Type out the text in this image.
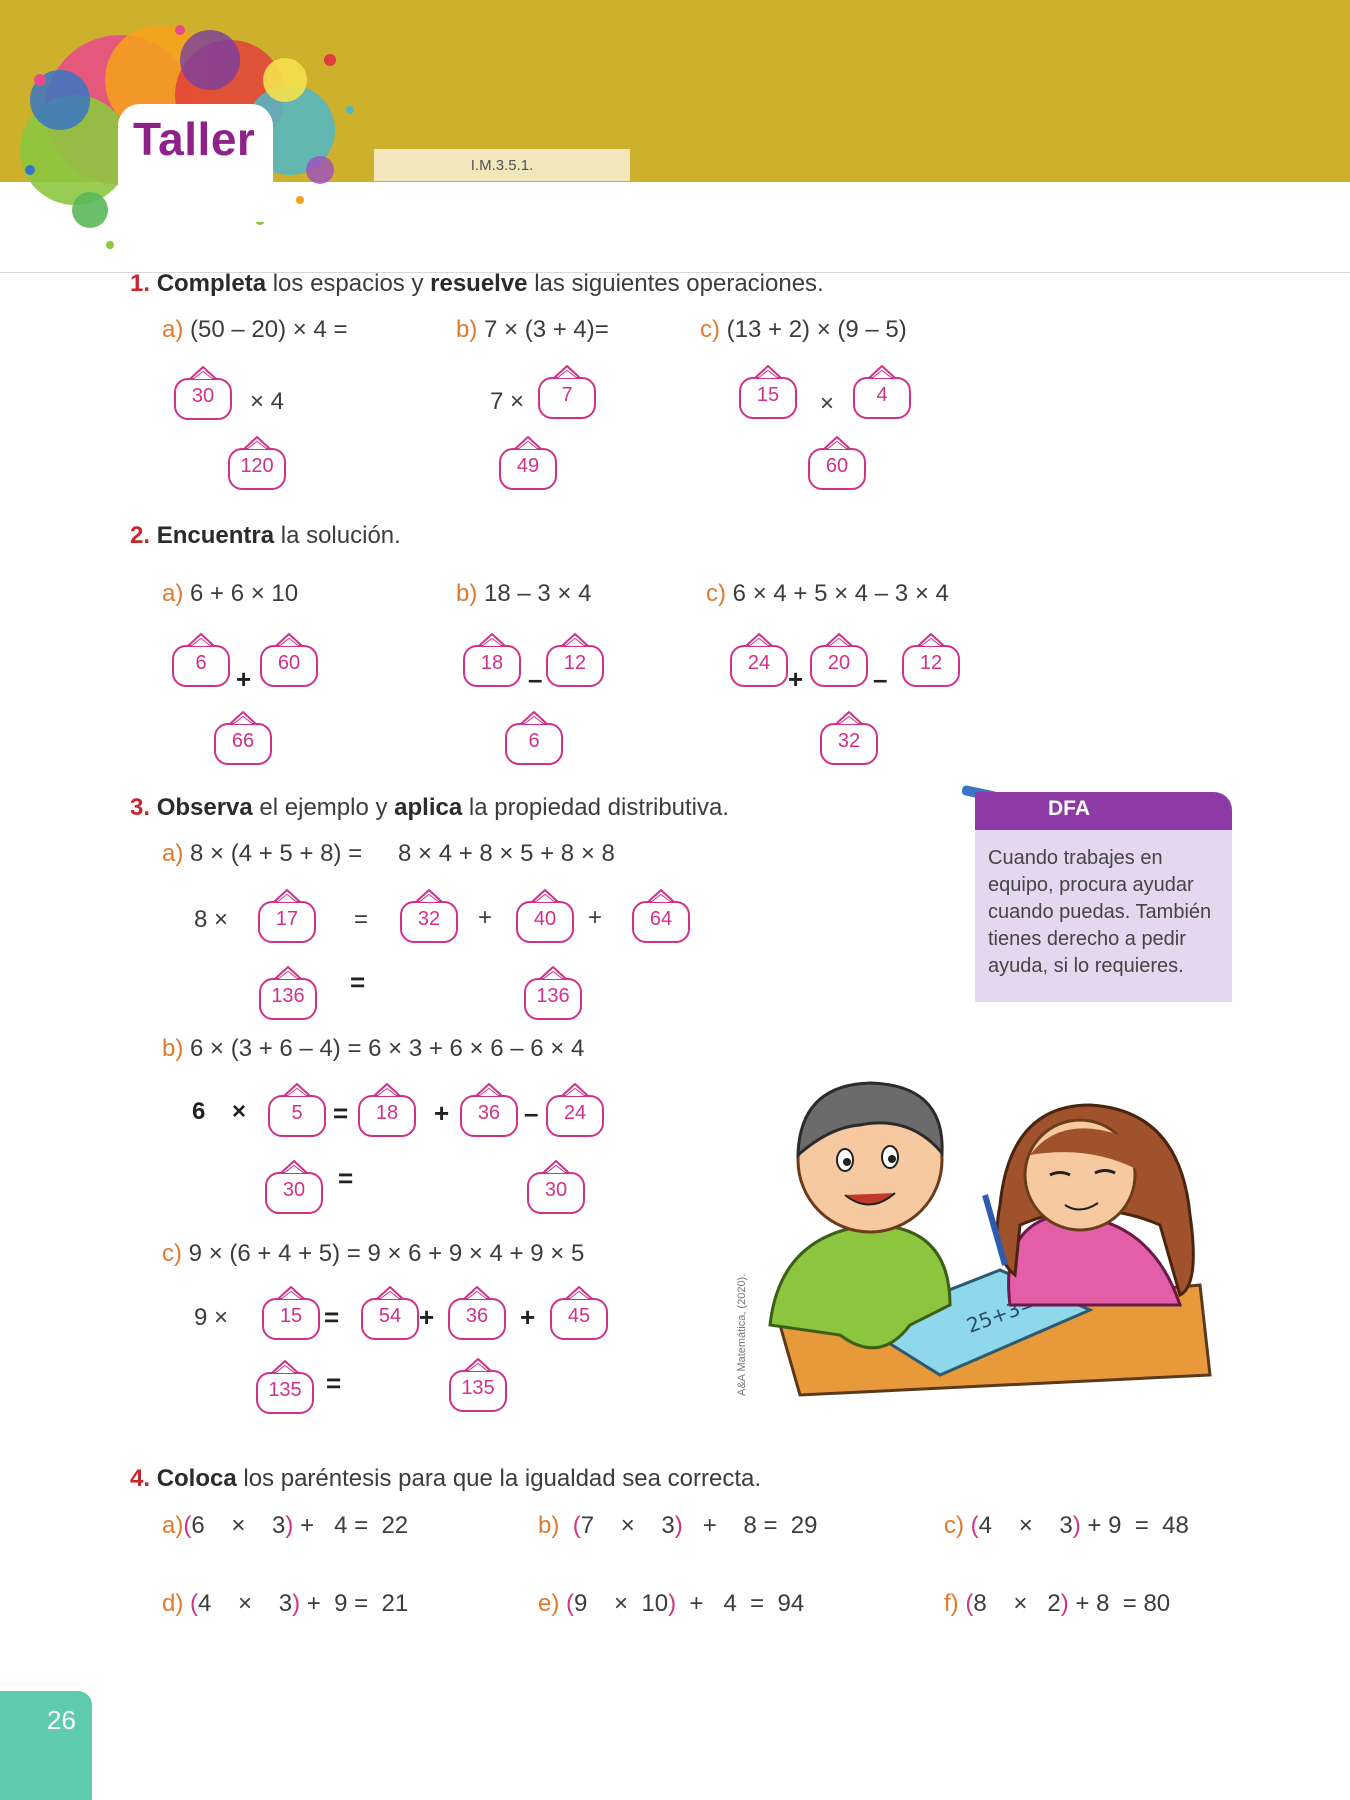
Taller	I.M.3.5.1.
1. Completa los espacios y resuelve las siguientes operaciones.
a) (50 – 20) × 4 =	b) 7 × (3 + 4)=	c) (13 + 2) × (9 – 5)
30	× 4
120
7 ×	7
49
15	×	4
60
2. Encuentra la solución.
a) 6 + 6 × 10	b) 18 – 3 × 4	c) 6 × 4 + 5 × 4 – 3 × 4
6
+
60
66
18
–
12
6
24
+
20
–
12
32
3. Observa el ejemplo y aplica la propiedad distributiva.
a) 8 × (4 + 5 + 8) = 8 × 4 + 8 × 5 + 8 × 8
8 ×	17	=	32	+	40	+	64
136	=	136
b) 6 × (3 + 6 – 4) = 6 × 3 + 6 × 6 – 6 × 4
6    ×	5	=	18	+	36 –	24
30	=	30
c) 9 × (6 + 4 + 5) = 9 × 6 + 9 × 4 + 9 × 5
9 ×	15 =	54 +	36	+	45
135 =	135
DFA
Cuando trabajes en equipo, procura ayudar cuando puedas. También tienes derecho a pedir ayuda, si lo requieres.
25+3=
A&A Matemática, (2020).
4. Coloca los paréntesis para que la igualdad sea correcta.
a)(6    ×    3) +   4 =  22	b) (7    ×    3)   +    8 =  29	c) (4    ×    3) + 9  =  48
d) (4    ×    3) +  9 =  21	e) (9    ×  10)  +   4  =  94	f) (8    ×   2) + 8  = 80
26
